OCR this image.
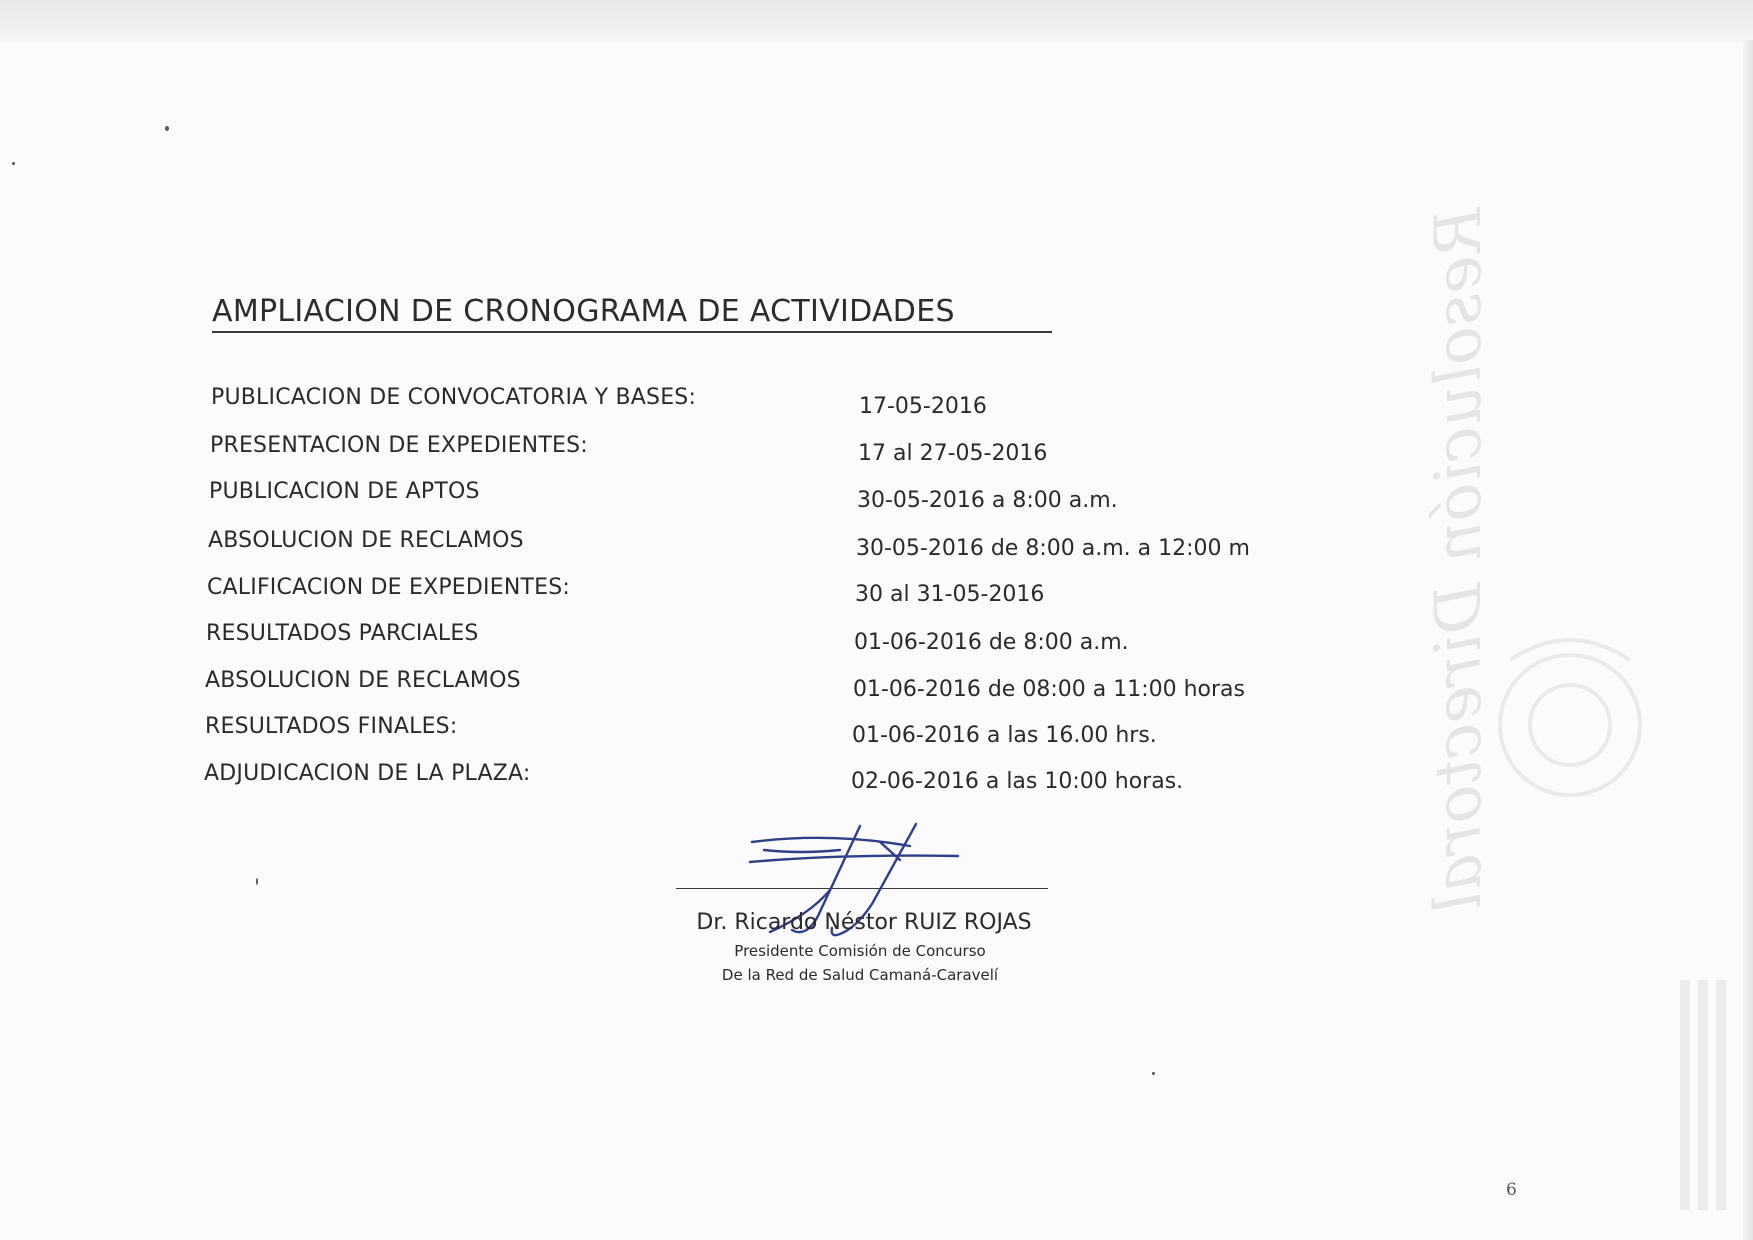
Resolución Directoral
AMPLIACION DE CRONOGRAMA DE ACTIVIDADES
PUBLICACION DE CONVOCATORIA Y BASES:	17-05-2016
PRESENTACION DE EXPEDIENTES:	17 al 27-05-2016
PUBLICACION DE APTOS	30-05-2016 a 8:00 a.m.
ABSOLUCION DE RECLAMOS	30-05-2016 de 8:00 a.m. a 12:00 m
CALIFICACION DE EXPEDIENTES:	30 al 31-05-2016
RESULTADOS PARCIALES	01-06-2016 de 8:00 a.m.
ABSOLUCION DE RECLAMOS	01-06-2016 de 08:00 a 11:00 horas
RESULTADOS FINALES:	01-06-2016 a las 16.00 hrs.
ADJUDICACION DE LA PLAZA:	02-06-2016 a las 10:00 horas.
Dr. Ricardo Néstor RUIZ ROJAS
Presidente Comisión de Concurso
De la Red de Salud Camaná-Caravelí
6
